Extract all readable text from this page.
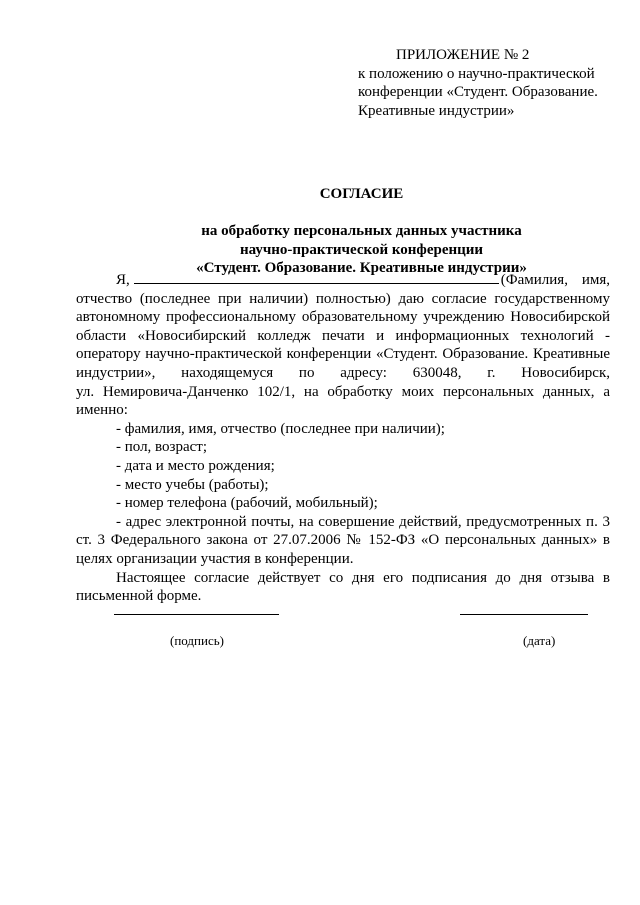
ПРИЛОЖЕНИЕ № 2
к положению о научно-практической
конференции «Студент. Образование.
Креативные индустрии»
СОГЛАСИЕ
на обработку персональных данных участника
научно-практической конференции
«Студент. Образование. Креативные индустрии»
Я,	(Фамилия, имя,
отчество (последнее при наличии) полностью) даю согласие государственному
автономному профессиональному образовательному учреждению Новосибирской
области «Новосибирский колледж печати и информационных технологий -
оператору научно-практической конференции «Студент. Образование. Креативные
индустрии», находящемуся по адресу: 630048, г. Новосибирск,
ул. Немировича-Данченко 102/1, на обработку моих персональных данных, а
именно:
- фамилия, имя, отчество (последнее при наличии);
- пол, возраст;
- дата и место рождения;
- место учебы (работы);
- номер телефона (рабочий, мобильный);
- адрес электронной почты, на совершение действий, предусмотренных п. 3
ст. 3 Федерального закона от 27.07.2006 № 152-ФЗ «О персональных данных» в
целях организации участия в конференции.
Настоящее согласие действует со дня его подписания до дня отзыва в
письменной форме.
(подпись)	(дата)
